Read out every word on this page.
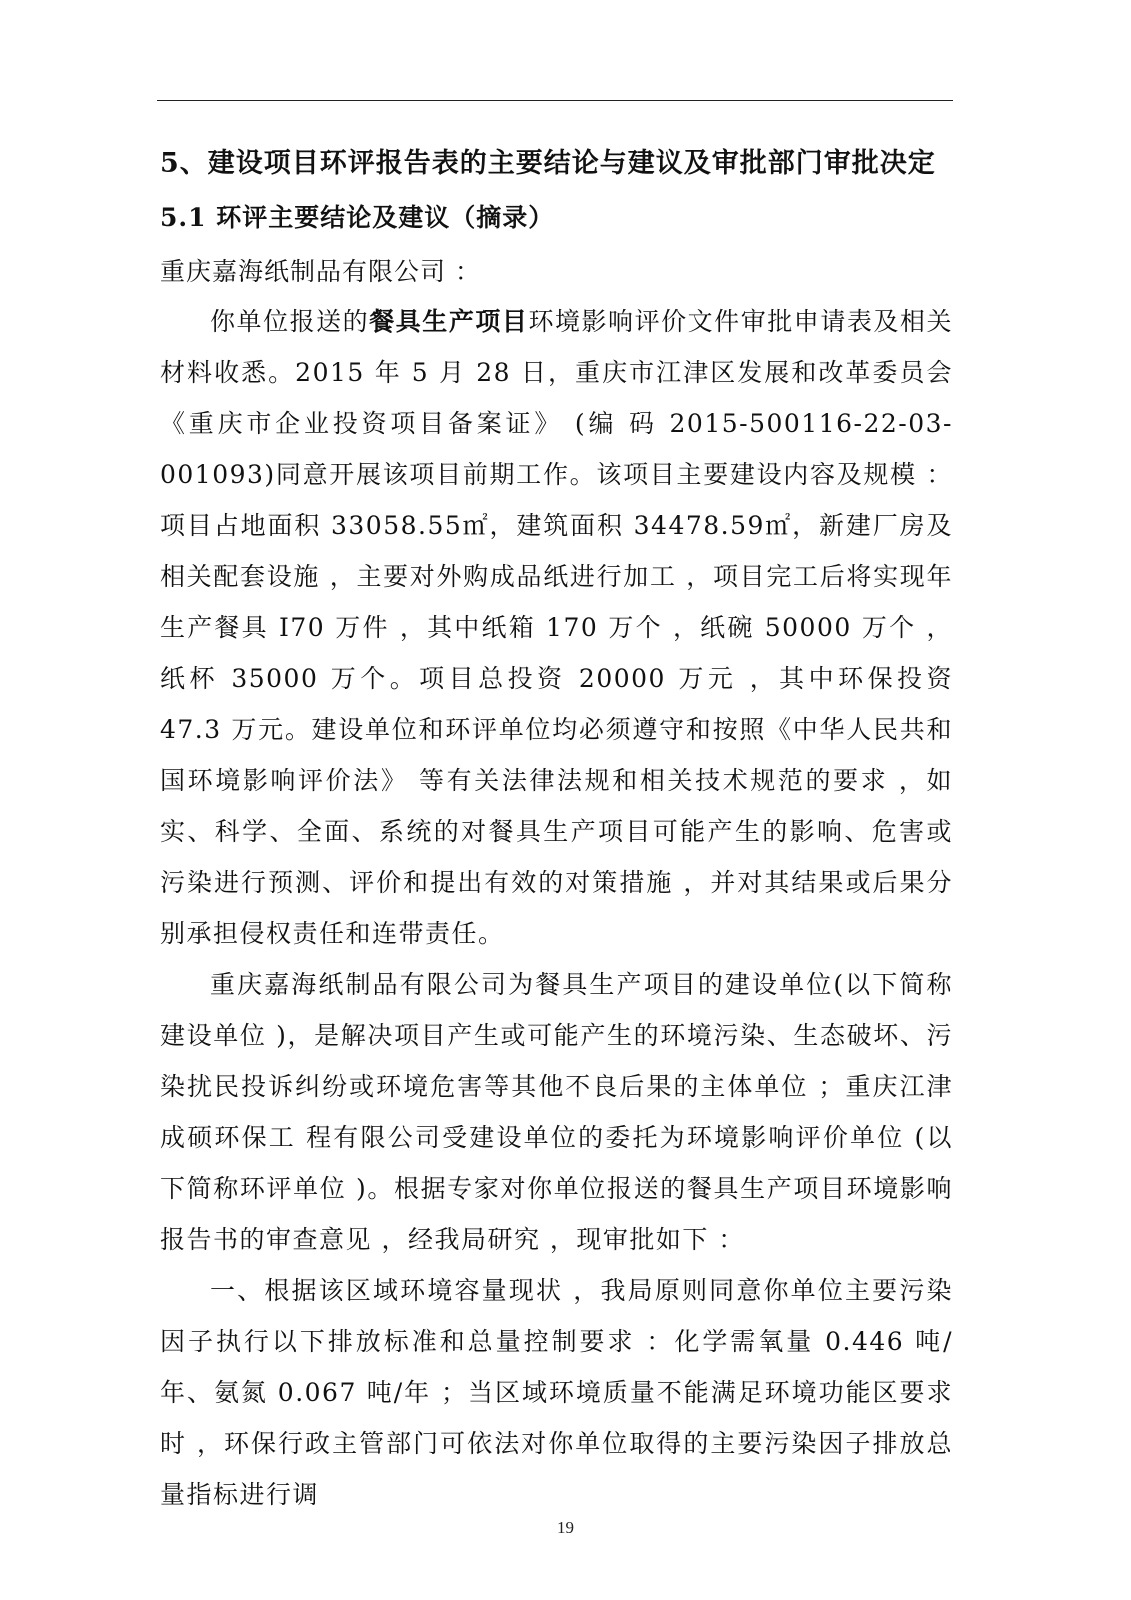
5、建设项目环评报告表的主要结论与建议及审批部门审批决定

5.1 环评主要结论及建议（摘录）

重庆嘉海纸制品有限公司 ：

你单位报送的餐具生产项目环境影响评价文件审批申请表及相关材料收悉。2015 年 5 月 28 日，重庆市江津区发展和改革委员会 《重庆市企业投资项目备案证》 (编 码 2015-500116-22-03-001093)同意开展该项目前期工作。该项目主要建设内容及规模 ：项目占地面积 33058.55㎡，建筑面积 34478.59㎡，新建厂房及相关配套设施 ，主要对外购成品纸进行加工 ，项目完工后将实现年生产餐具 I70 万件 ，其中纸箱 170 万个 ，纸碗 50000 万个 ，纸杯 35000 万个。项目总投资 20000 万元 ，其中环保投资 47.3 万元。建设单位和环评单位均必须遵守和按照《中华人民共和国环境影响评价法》 等有关法律法规和相关技术规范的要求 ，如实、科学、全面、系统的对餐具生产项目可能产生的影响、危害或污染进行预测、评价和提出有效的对策措施 ，并对其结果或后果分别承担侵权责任和连带责任。

重庆嘉海纸制品有限公司为餐具生产项目的建设单位(以下简称建设单位 )，是解决项目产生或可能产生的环境污染、生态破坏、污染扰民投诉纠纷或环境危害等其他不良后果的主体单位 ；重庆江津成硕环保工 程有限公司受建设单位的委托为环境影响评价单位 (以下简称环评单位 )。根据专家对你单位报送的餐具生产项目环境影响报告书的审查意见 ，经我局研究 ，现审批如下 ：

一、根据该区域环境容量现状 ，我局原则同意你单位主要污染因子执行以下排放标准和总量控制要求 ：化学需氧量 0.446 吨/年、氨氮 0.067 吨/年 ；当区域环境质量不能满足环境功能区要求时 ，环保行政主管部门可依法对你单位取得的主要污染因子排放总量指标进行调

19
